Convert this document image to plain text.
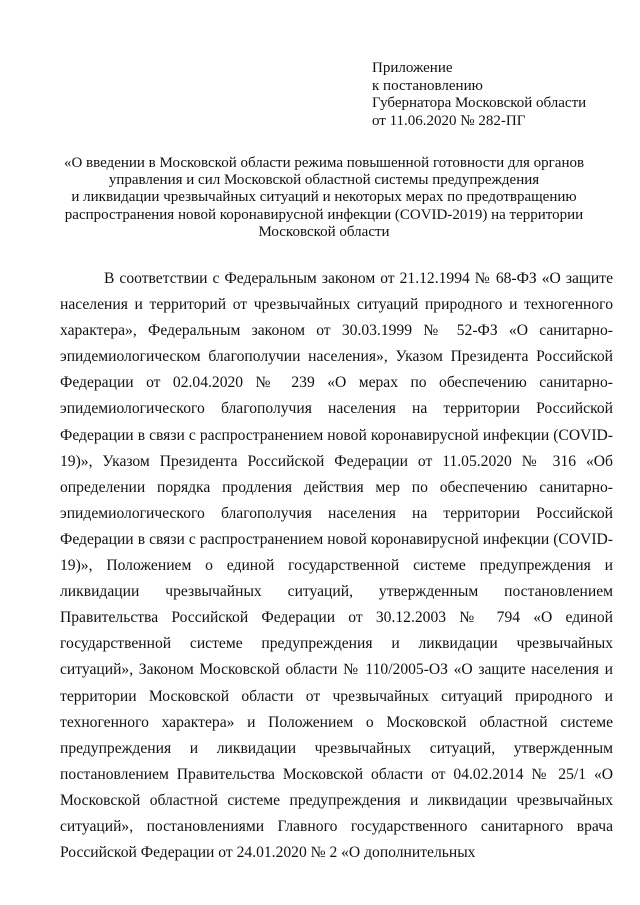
Приложение
к постановлению
Губернатора Московской области
от 11.06.2020 № 282-ПГ
«О введении в Московской области режима повышенной готовности для органов
управления и сил Московской областной системы предупреждения
и ликвидации чрезвычайных ситуаций и некоторых мерах по предотвращению
распространения новой коронавирусной инфекции (COVID-2019) на территории
Московской области

В соответствии с Федеральным законом от 21.12.1994 № 68-ФЗ «О защите населения и территорий от чрезвычайных ситуаций природного и техногенного характера», Федеральным законом от 30.03.1999 № 52-ФЗ «О санитарно-эпидемиологическом благополучии населения», Указом Президента Российской Федерации от 02.04.2020 № 239 «О мерах по обеспечению санитарно-эпидемиологического благополучия населения на территории Российской Федерации в связи с распространением новой коронавирусной инфекции (COVID-19)», Указом Президента Российской Федерации от 11.05.2020 № 316 «Об определении порядка продления действия мер по обеспечению санитарно-эпидемиологического благополучия населения на территории Российской Федерации в связи с распространением новой коронавирусной инфекции (COVID-19)», Положением о единой государственной системе предупреждения и ликвидации чрезвычайных ситуаций, утвержденным постановлением Правительства Российской Федерации от 30.12.2003 № 794 «О единой государственной системе предупреждения и ликвидации чрезвычайных ситуаций», Законом Московской области № 110/2005-ОЗ «О защите населения и территории Московской области от чрезвычайных ситуаций природного и техногенного характера» и Положением о Московской областной системе предупреждения и ликвидации чрезвычайных ситуаций, утвержденным постановлением Правительства Московской области от 04.02.2014 № 25/1 «О Московской областной системе предупреждения и ликвидации чрезвычайных ситуаций», постановлениями Главного государственного санитарного врача Российской Федерации от 24.01.2020 № 2 «О дополнительных
